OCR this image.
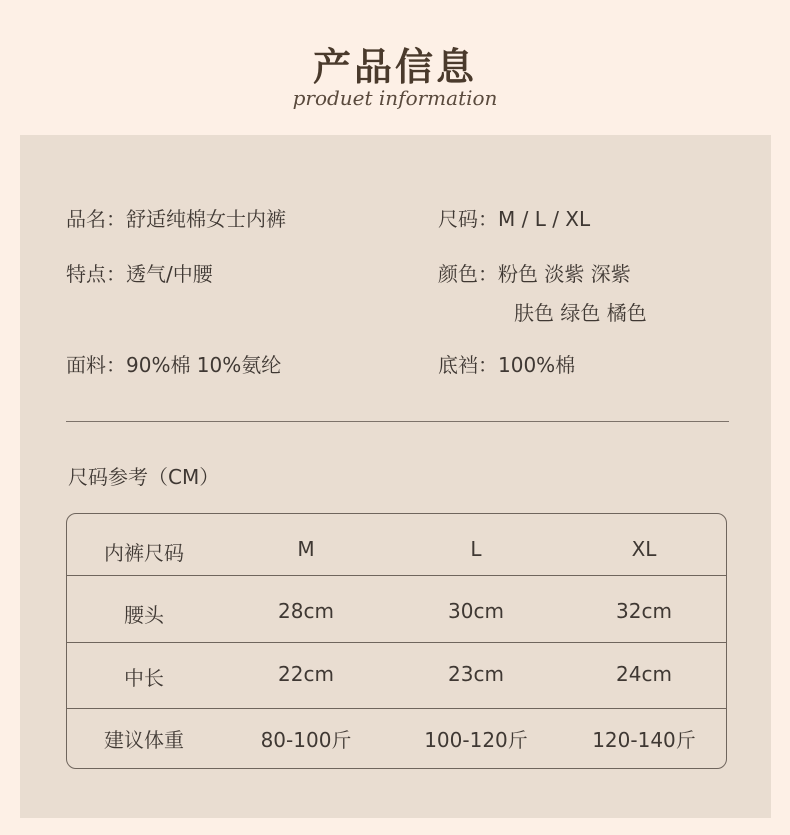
产品信息
produet information
品名：舒适纯棉女士内裤	尺码：M / L / XL
特点：透气/中腰	颜色：粉色 淡紫 深紫
肤色 绿色 橘色
面料：90%棉 10%氨纶	底裆：100%棉
尺码参考（CM）
内裤尺码	M	L	XL
腰头	28cm	30cm	32cm
中长	22cm	23cm	24cm
建议体重	80-100斤	100-120斤	120-140斤
